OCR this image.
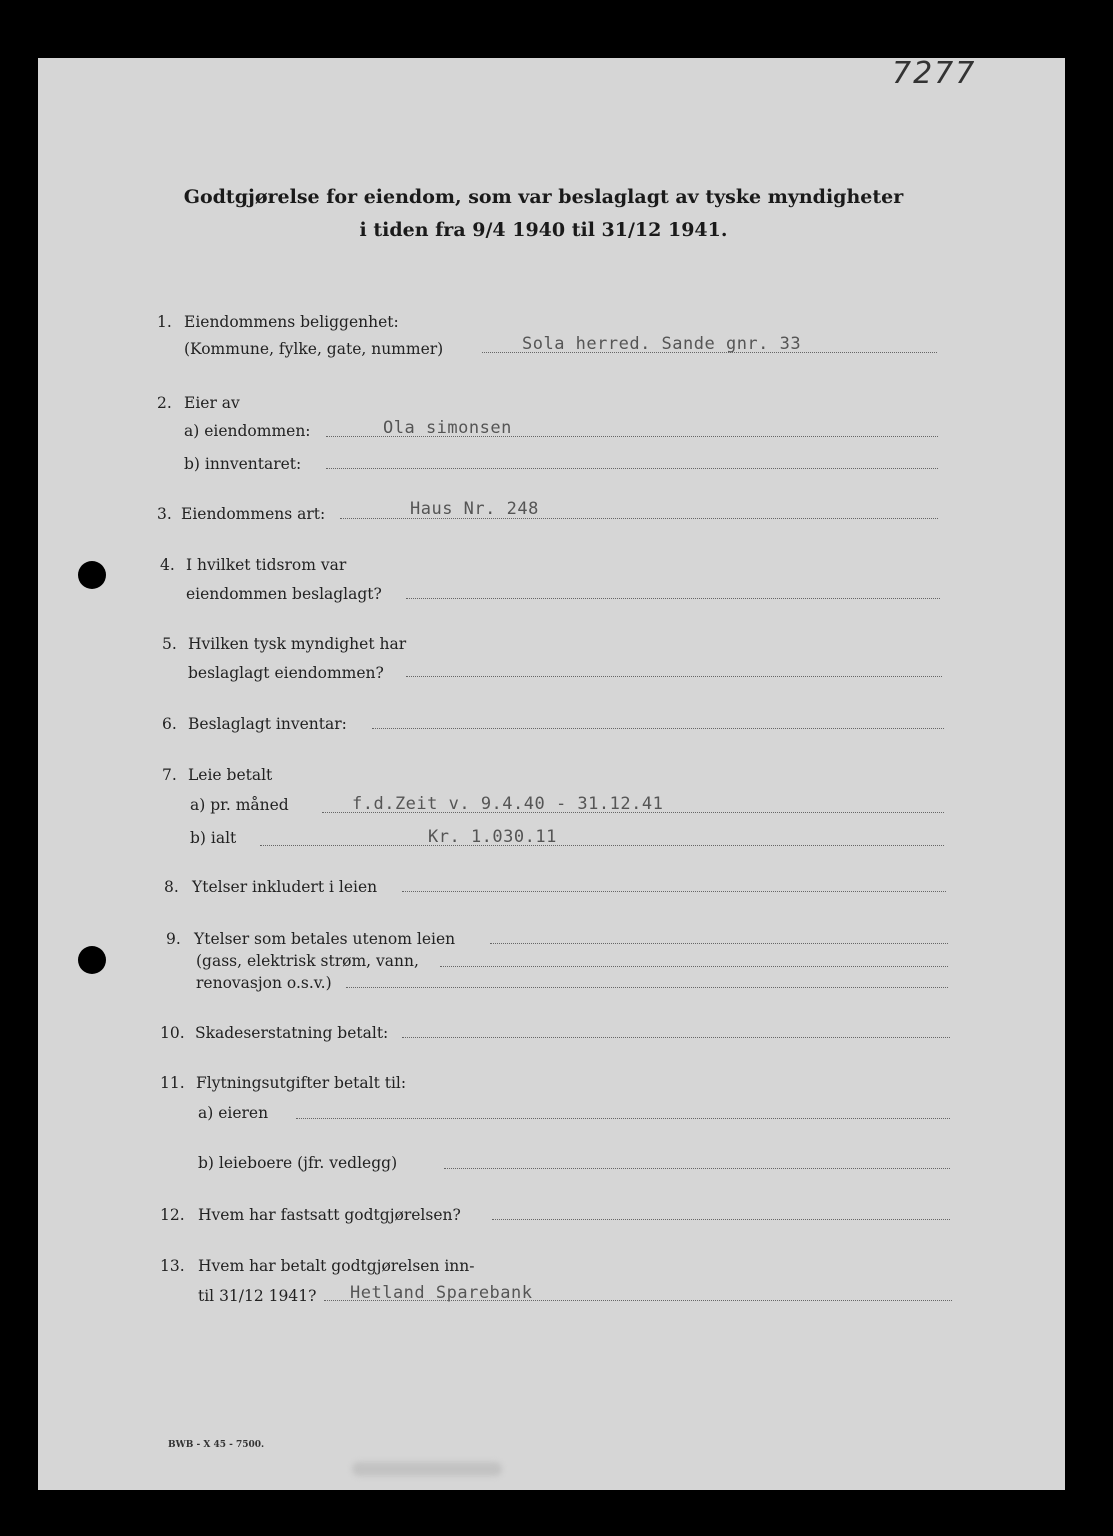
7277
Godtgjørelse for eiendom, som var beslaglagt av tyske myndigheter
i tiden fra 9/4 1940 til 31/12 1941.
1. Eiendommens beliggenhet:
(Kommune, fylke, gate, nummer)	Sola herred. Sande gnr. 33
2. Eier av
a) eiendommen:	Ola simonsen
b) innventaret:
3. Eiendommens art:	Haus Nr. 248
4. I hvilket tidsrom var
eiendommen beslaglagt?
5. Hvilken tysk myndighet har
beslaglagt eiendommen?
6. Beslaglagt inventar:
7. Leie betalt
a) pr. måned	f.d.Zeit v. 9.4.40 - 31.12.41
b) ialt	Kr. 1.030.11
8. Ytelser inkludert i leien
9. Ytelser som betales utenom leien
(gass, elektrisk strøm, vann,
renovasjon o.s.v.)
10. Skadeserstatning betalt:
11. Flytningsutgifter betalt til:
a) eieren
b) leieboere (jfr. vedlegg)
12. Hvem har fastsatt godtgjørelsen?
13. Hvem har betalt godtgjørelsen inn-
til 31/12 1941? Hetland Sparebank
BWB - X 45 - 7500.
